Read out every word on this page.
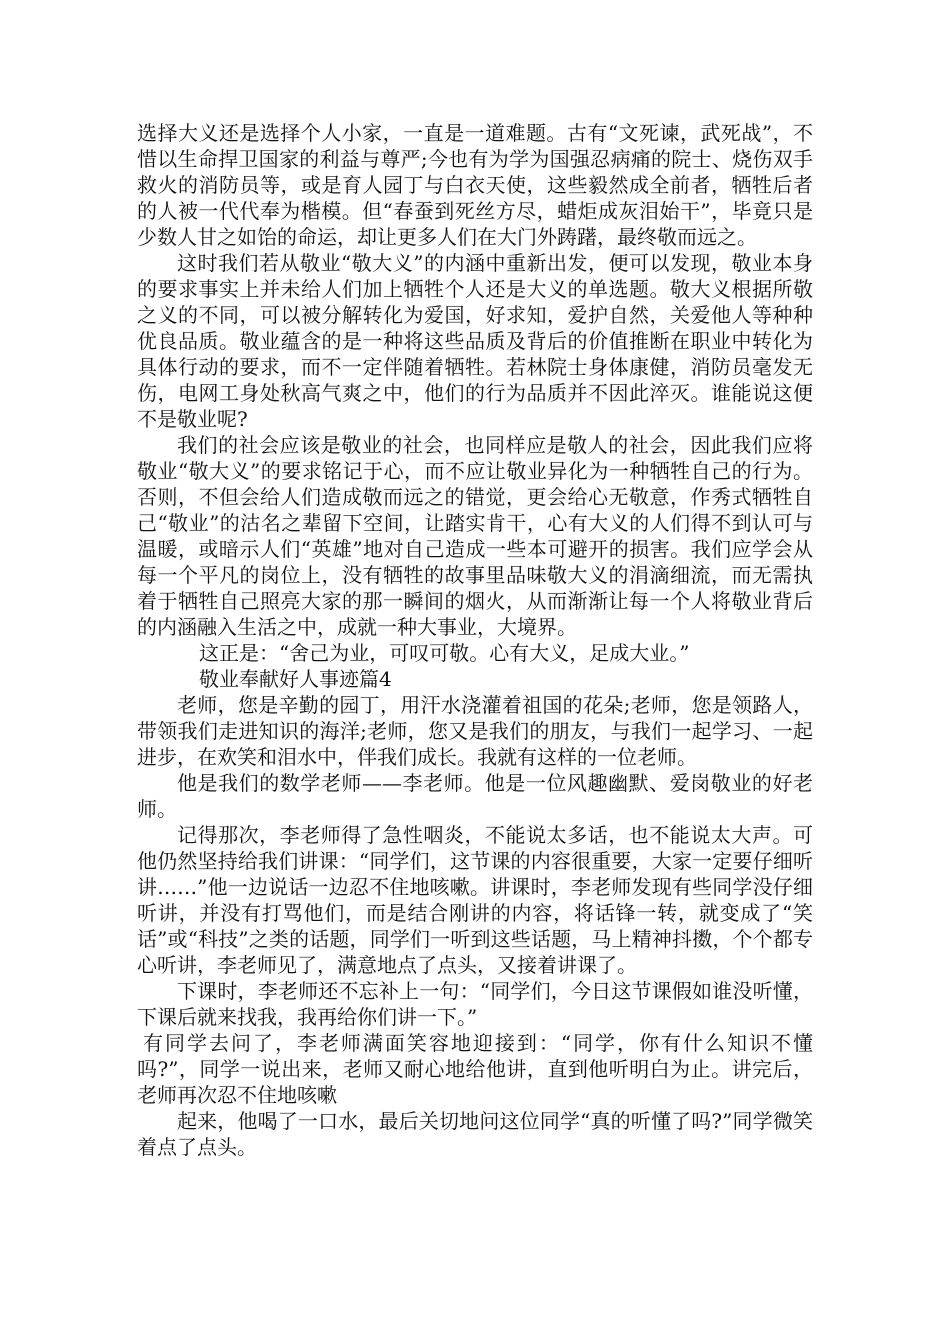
选择大义还是选择个人小家，一直是一道难题。古有“文死谏，武死战”，不惜以生命捍卫国家的利益与尊严;今也有为学为国强忍病痛的院士、烧伤双手救火的消防员等，或是育人园丁与白衣天使，这些毅然成全前者，牺牲后者的人被一代代奉为楷模。但“春蚕到死丝方尽，蜡炬成灰泪始干”，毕竟只是少数人甘之如饴的命运，却让更多人们在大门外踌躇，最终敬而远之。

这时我们若从敬业“敬大义”的内涵中重新出发，便可以发现，敬业本身的要求事实上并未给人们加上牺牲个人还是大义的单选题。敬大义根据所敬之义的不同，可以被分解转化为爱国，好求知，爱护自然，关爱他人等种种优良品质。敬业蕴含的是一种将这些品质及背后的价值推断在职业中转化为具体行动的要求，而不一定伴随着牺牲。若林院士身体康健，消防员毫发无伤，电网工身处秋高气爽之中，他们的行为品质并不因此淬灭。谁能说这便不是敬业呢?

我们的社会应该是敬业的社会，也同样应是敬人的社会，因此我们应将敬业“敬大义”的要求铭记于心，而不应让敬业异化为一种牺牲自己的行为。否则，不但会给人们造成敬而远之的错觉，更会给心无敬意，作秀式牺牲自己“敬业”的沽名之辈留下空间，让踏实肯干，心有大义的人们得不到认可与温暖，或暗示人们“英雄”地对自己造成一些本可避开的损害。我们应学会从每一个平凡的岗位上，没有牺牲的故事里品味敬大义的涓滴细流，而无需执着于牺牲自己照亮大家的那一瞬间的烟火，从而渐渐让每一个人将敬业背后的内涵融入生活之中，成就一种大事业，大境界。

这正是：“舍己为业，可叹可敬。心有大义，足成大业。”

敬业奉献好人事迹篇4

老师，您是辛勤的园丁，用汗水浇灌着祖国的花朵;老师，您是领路人，带领我们走进知识的海洋;老师，您又是我们的朋友，与我们一起学习、一起进步，在欢笑和泪水中，伴我们成长。我就有这样的一位老师。

他是我们的数学老师——李老师。他是一位风趣幽默、爱岗敬业的好老师。

记得那次，李老师得了急性咽炎，不能说太多话，也不能说太大声。可他仍然坚持给我们讲课：“同学们，这节课的内容很重要，大家一定要仔细听讲……”他一边说话一边忍不住地咳嗽。讲课时，李老师发现有些同学没仔细听讲，并没有打骂他们，而是结合刚讲的内容，将话锋一转，就变成了“笑话”或“科技”之类的话题，同学们一听到这些话题，马上精神抖擞，个个都专心听讲，李老师见了，满意地点了点头，又接着讲课了。

下课时，李老师还不忘补上一句：“同学们，今日这节课假如谁没听懂，下课后就来找我，我再给你们讲一下。”

有同学去问了，李老师满面笑容地迎接到：“同学，你有什么知识不懂吗?”，同学一说出来，老师又耐心地给他讲，直到他听明白为止。讲完后，老师再次忍不住地咳嗽

起来，他喝了一口水，最后关切地问这位同学“真的听懂了吗?”同学微笑着点了点头。
